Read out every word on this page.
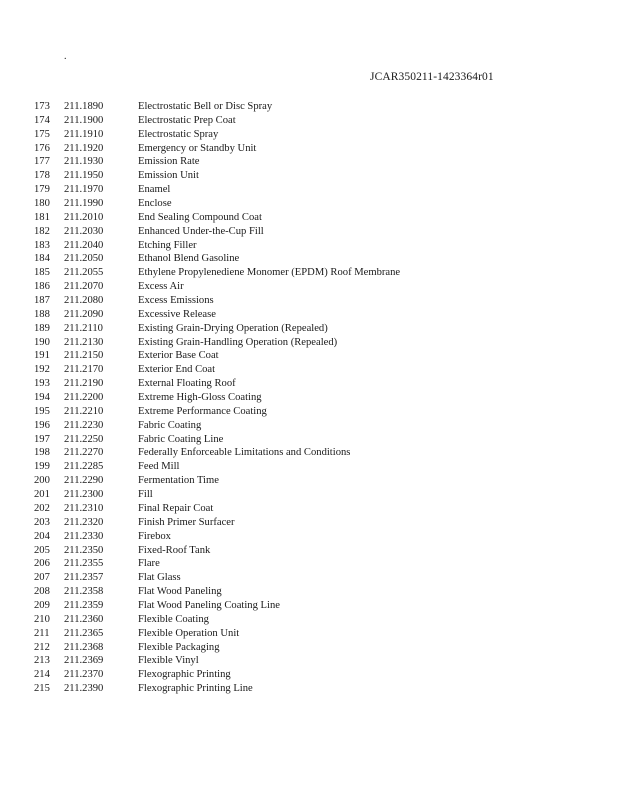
.
JCAR350211-1423364r01
173 211.1890	Electrostatic Bell or Disc Spray
174 211.1900	Electrostatic Prep Coat
175 211.1910	Electrostatic Spray
176 211.1920	Emergency or Standby Unit
177 211.1930	Emission Rate
178 211.1950	Emission Unit
179 211.1970	Enamel
180 211.1990	Enclose
181 211.2010	End Sealing Compound Coat
182 211.2030	Enhanced Under-the-Cup Fill
183 211.2040	Etching Filler
184 211.2050	Ethanol Blend Gasoline
185 211.2055	Ethylene Propylenediene Monomer (EPDM) Roof Membrane
186 211.2070	Excess Air
187 211.2080	Excess Emissions
188 211.2090	Excessive Release
189 211.2110	Existing Grain-Drying Operation (Repealed)
190 211.2130	Existing Grain-Handling Operation (Repealed)
191 211.2150	Exterior Base Coat
192 211.2170	Exterior End Coat
193 211.2190	External Floating Roof
194 211.2200	Extreme High-Gloss Coating
195 211.2210	Extreme Performance Coating
196 211.2230	Fabric Coating
197 211.2250	Fabric Coating Line
198 211.2270	Federally Enforceable Limitations and Conditions
199 211.2285	Feed Mill
200 211.2290	Fermentation Time
201 211.2300	Fill
202 211.2310	Final Repair Coat
203 211.2320	Finish Primer Surfacer
204 211.2330	Firebox
205 211.2350	Fixed-Roof Tank
206 211.2355	Flare
207 211.2357	Flat Glass
208 211.2358	Flat Wood Paneling
209 211.2359	Flat Wood Paneling Coating Line
210 211.2360	Flexible Coating
211 211.2365	Flexible Operation Unit
212 211.2368	Flexible Packaging
213 211.2369	Flexible Vinyl
214 211.2370	Flexographic Printing
215 211.2390	Flexographic Printing Line
